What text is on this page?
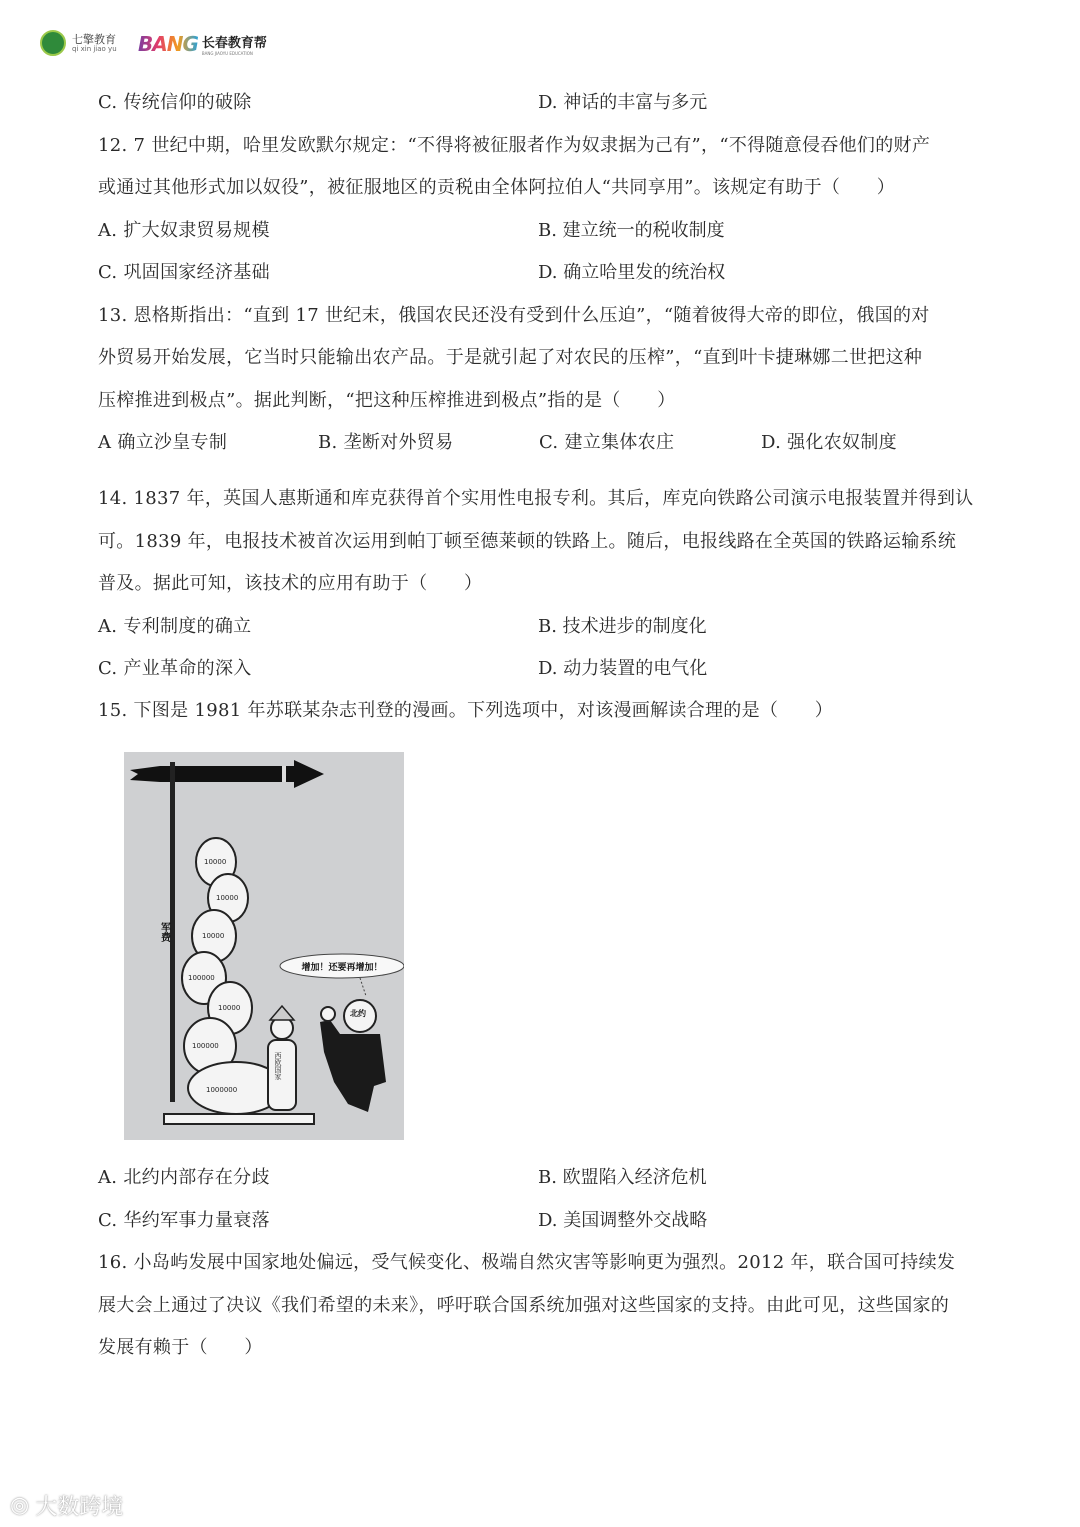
七擎教育
qi xin jiao yu BANG 长春教育帮
BANG JIAOYU EDUCATION
C. 传统信仰的破除	D. 神话的丰富与多元
12. 7 世纪中期，哈里发欧默尔规定：“不得将被征服者作为奴隶据为己有”，“不得随意侵吞他们的财产
或通过其他形式加以奴役”，被征服地区的贡税由全体阿拉伯人“共同享用”。该规定有助于（　　）
A. 扩大奴隶贸易规模	B. 建立统一的税收制度
C. 巩固国家经济基础	D. 确立哈里发的统治权
13. 恩格斯指出：“直到 17 世纪末，俄国农民还没有受到什么压迫”，“随着彼得大帝的即位，俄国的对
外贸易开始发展，它当时只能输出农产品。于是就引起了对农民的压榨”，“直到叶卡捷琳娜二世把这种
压榨推进到极点”。据此判断，“把这种压榨推进到极点”指的是（　　）
A 确立沙皇专制	B. 垄断对外贸易	C. 建立集体农庄	D. 强化农奴制度
14. 1837 年，英国人惠斯通和库克获得首个实用性电报专利。其后，库克向铁路公司演示电报装置并得到认
可。1839 年，电报技术被首次运用到帕丁顿至德莱顿的铁路上。随后，电报线路在全英国的铁路运输系统
普及。据此可知，该技术的应用有助于（　　）
A. 专利制度的确立	B. 技术进步的制度化
C. 产业革命的深入	D. 动力装置的电气化
15. 下图是 1981 年苏联某杂志刊登的漫画。下列选项中，对该漫画解读合理的是（　　）
军费
10000
10000
10000
100000
10000
100000
1000000
西欧国家
北约
增加！还要再增加！
A. 北约内部存在分歧	B. 欧盟陷入经济危机
C. 华约军事力量衰落	D. 美国调整外交战略
16. 小岛屿发展中国家地处偏远，受气候变化、极端自然灾害等影响更为强烈。2012 年，联合国可持续发
展大会上通过了决议《我们希望的未来》，呼吁联合国系统加强对这些国家的支持。由此可见，这些国家的
发展有赖于（　　）
◎ 大数跨境
